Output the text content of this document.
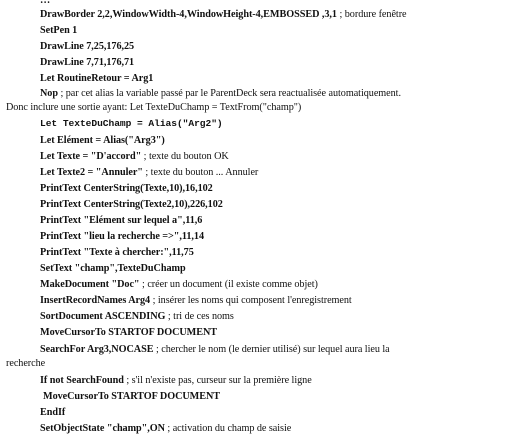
…
DrawBorder 2,2,WindowWidth-4,WindowHeight-4,EMBOSSED ,3,1 ; bordure fenêtre
SetPen 1
DrawLine 7,25,176,25
DrawLine 7,71,176,71
Let RoutineRetour = Arg1
Nop ; par cet alias la variable passé par le ParentDeck sera reactualisée automatiquement.
Donc inclure une sortie ayant: Let TexteDuChamp = TextFrom("champ")
Let TexteDuChamp = Alias("Arg2")
Let Elément = Alias("Arg3")
Let Texte = "D'accord" ; texte du bouton OK
Let Texte2 = "Annuler" ; texte du bouton ... Annuler
PrintText CenterString(Texte,10),16,102
PrintText CenterString(Texte2,10),226,102
PrintText "Elément sur lequel a",11,6
PrintText "lieu la recherche =>",11,14
PrintText "Texte à chercher:",11,75
SetText "champ",TexteDuChamp
MakeDocument "Doc" ; créer un document (il existe comme objet)
InsertRecordNames Arg4 ; insérer les noms qui composent l'enregistrement
SortDocument ASCENDING ; tri de ces noms
MoveCursorTo STARTOF DOCUMENT
SearchFor Arg3,NOCASE ; chercher le nom (le dernier utilisé) sur lequel aura lieu la
recherche
If not SearchFound ; s'il n'existe pas, curseur sur la première ligne
MoveCursorTo STARTOF DOCUMENT
EndIf
SetObjectState "champ",ON ; activation du champ de saisie
